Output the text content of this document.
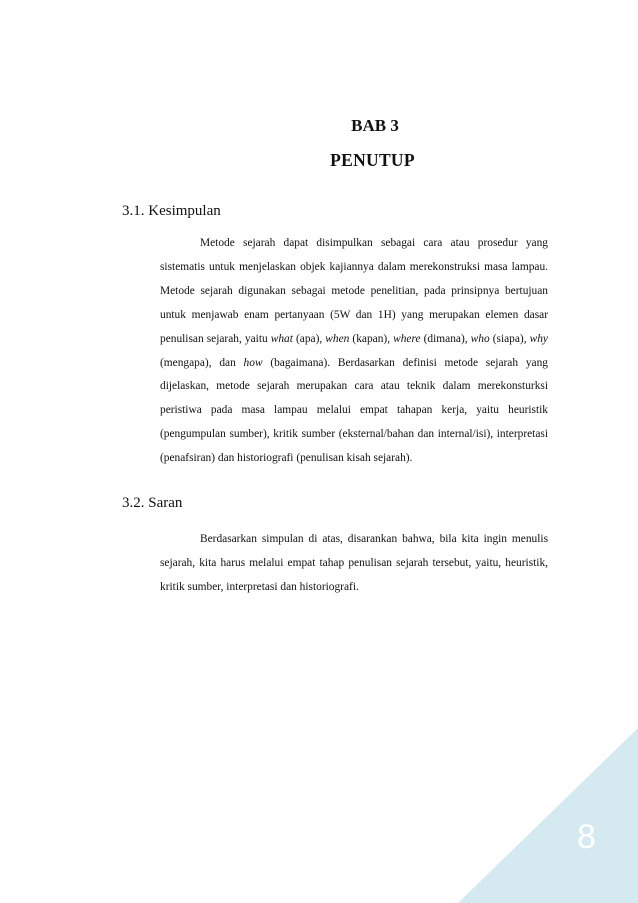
BAB 3
PENUTUP
3.1. Kesimpulan

Metode sejarah dapat disimpulkan sebagai cara atau prosedur yang sistematis untuk menjelaskan objek kajiannya dalam merekonstruksi masa lampau. Metode sejarah digunakan sebagai metode penelitian, pada prinsipnya bertujuan untuk menjawab enam pertanyaan (5W dan 1H) yang merupakan elemen dasar penulisan sejarah, yaitu what (apa), when (kapan), where (dimana), who (siapa), why (mengapa), dan how (bagaimana). Berdasarkan definisi metode sejarah yang dijelaskan, metode sejarah merupakan cara atau teknik dalam merekonsturksi peristiwa pada masa lampau melalui empat tahapan kerja, yaitu heuristik (pengumpulan sumber), kritik sumber (eksternal/bahan dan internal/isi), interpretasi (penafsiran) dan historiografi (penulisan kisah sejarah).

3.2. Saran

Berdasarkan simpulan di atas, disarankan bahwa, bila kita ingin menulis sejarah, kita harus melalui empat tahap penulisan sejarah tersebut, yaitu, heuristik, kritik sumber, interpretasi dan historiografi.

8
